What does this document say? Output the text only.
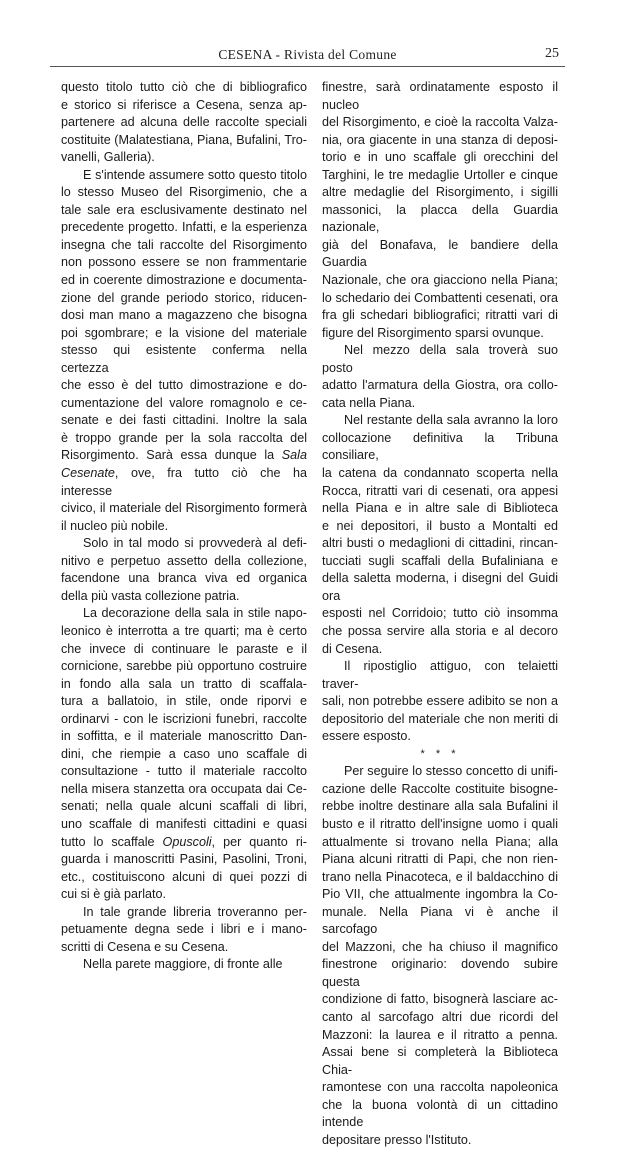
CESENA - Rivista del Comune	25

questo titolo tutto ciò che di bibliografico
e storico si riferisce a Cesena, senza ap-
partenere ad alcuna delle raccolte speciali
costituite (Malatestiana, Piana, Bufalini, Tro-
vanelli, Galleria).

E s'intende assumere sotto questo titolo
lo stesso Museo del Risorgimenio, che a
tale sale era esclusivamente destinato nel
precedente progetto. Infatti, e la esperienza
insegna che tali raccolte del Risorgimento
non possono essere se non frammentarie
ed in coerente dimostrazione e documenta-
zione del grande periodo storico, riducen-
dosi man mano a magazzeno che bisogna
poi sgombrare; e la visione del materiale
stesso qui esistente conferma nella certezza
che esso è del tutto dimostrazione e do-
cumentazione del valore romagnolo e ce-
senate e dei fasti cittadini. Inoltre la sala
è troppo grande per la sola raccolta del
Risorgimento. Sarà essa dunque la Sala
Cesenate, ove, fra tutto ciò che ha interesse
civico, il materiale del Risorgimento formerà
il nucleo più nobile.

Solo in tal modo si provvederà al defi-
nitivo e perpetuo assetto della collezione,
facendone una branca viva ed organica
della più vasta collezione patria.

La decorazione della sala in stile napo-
leonico è interrotta a tre quarti; ma è certo
che invece di continuare le paraste e il
cornicione, sarebbe più opportuno costruire
in fondo alla sala un tratto di scaffala-
tura a ballatoio, in stile, onde riporvi e
ordinarvi - con le iscrizioni funebri, raccolte
in soffitta, e il materiale manoscritto Dan-
dini, che riempie a caso uno scaffale di
consultazione - tutto il materiale raccolto
nella misera stanzetta ora occupata dai Ce-
senati; nella quale alcuni scaffali di libri,
uno scaffale di manifesti cittadini e quasi
tutto lo scaffale Opuscoli, per quanto ri-
guarda i manoscritti Pasini, Pasolini, Troni,
etc., costituiscono alcuni di quei pozzi di
cui si è già parlato.

In tale grande libreria troveranno per-
petuamente degna sede i libri e i mano-
scritti di Cesena e su Cesena.

Nella parete maggiore, di fronte alle

finestre, sarà ordinatamente esposto il nucleo
del Risorgimento, e cioè la raccolta Valza-
nia, ora giacente in una stanza di deposi-
torio e in uno scaffale gli orecchini del
Targhini, le tre medaglie Urtoller e cinque
altre medaglie del Risorgimento, i sigilli
massonici, la placca della Guardia nazionale,
già del Bonafava, le bandiere della Guardia
Nazionale, che ora giacciono nella Piana;
lo schedario dei Combattenti cesenati, ora
fra gli schedari bibliografici; ritratti vari di
figure del Risorgimento sparsi ovunque.

Nel mezzo della sala troverà suo posto
adatto l'armatura della Giostra, ora collo-
cata nella Piana.

Nel restante della sala avranno la loro
collocazione definitiva la Tribuna consiliare,
la catena da condannato scoperta nella
Rocca, ritratti vari di cesenati, ora appesi
nella Piana e in altre sale di Biblioteca
e nei depositori, il busto a Montalti ed
altri busti o medaglioni di cittadini, rincan-
tucciati sugli scaffali della Bufaliniana e
della saletta moderna, i disegni del Guidi ora
esposti nel Corridoio; tutto ciò insomma
che possa servire alla storia e al decoro
di Cesena.

Il ripostiglio attiguo, con telaietti traver-
sali, non potrebbe essere adibito se non a
depositorio del materiale che non meriti di
essere esposto.

* * *

Per seguire lo stesso concetto di unifi-
cazione delle Raccolte costituite bisogne-
rebbe inoltre destinare alla sala Bufalini il
busto e il ritratto dell'insigne uomo i quali
attualmente si trovano nella Piana; alla
Piana alcuni ritratti di Papi, che non rien-
trano nella Pinacoteca, e il baldacchino di
Pio VII, che attualmente ingombra la Co-
munale. Nella Piana vi è anche il sarcofago
del Mazzoni, che ha chiuso il magnifico
finestrone originario: dovendo subire questa
condizione di fatto, bisognerà lasciare ac-
canto al sarcofago altri due ricordi del
Mazzoni: la laurea e il ritratto a penna.
Assai bene si completerà la Biblioteca Chia-
ramontese con una raccolta napoleonica
che la buona volontà di un cittadino intende
depositare presso l'Istituto.
